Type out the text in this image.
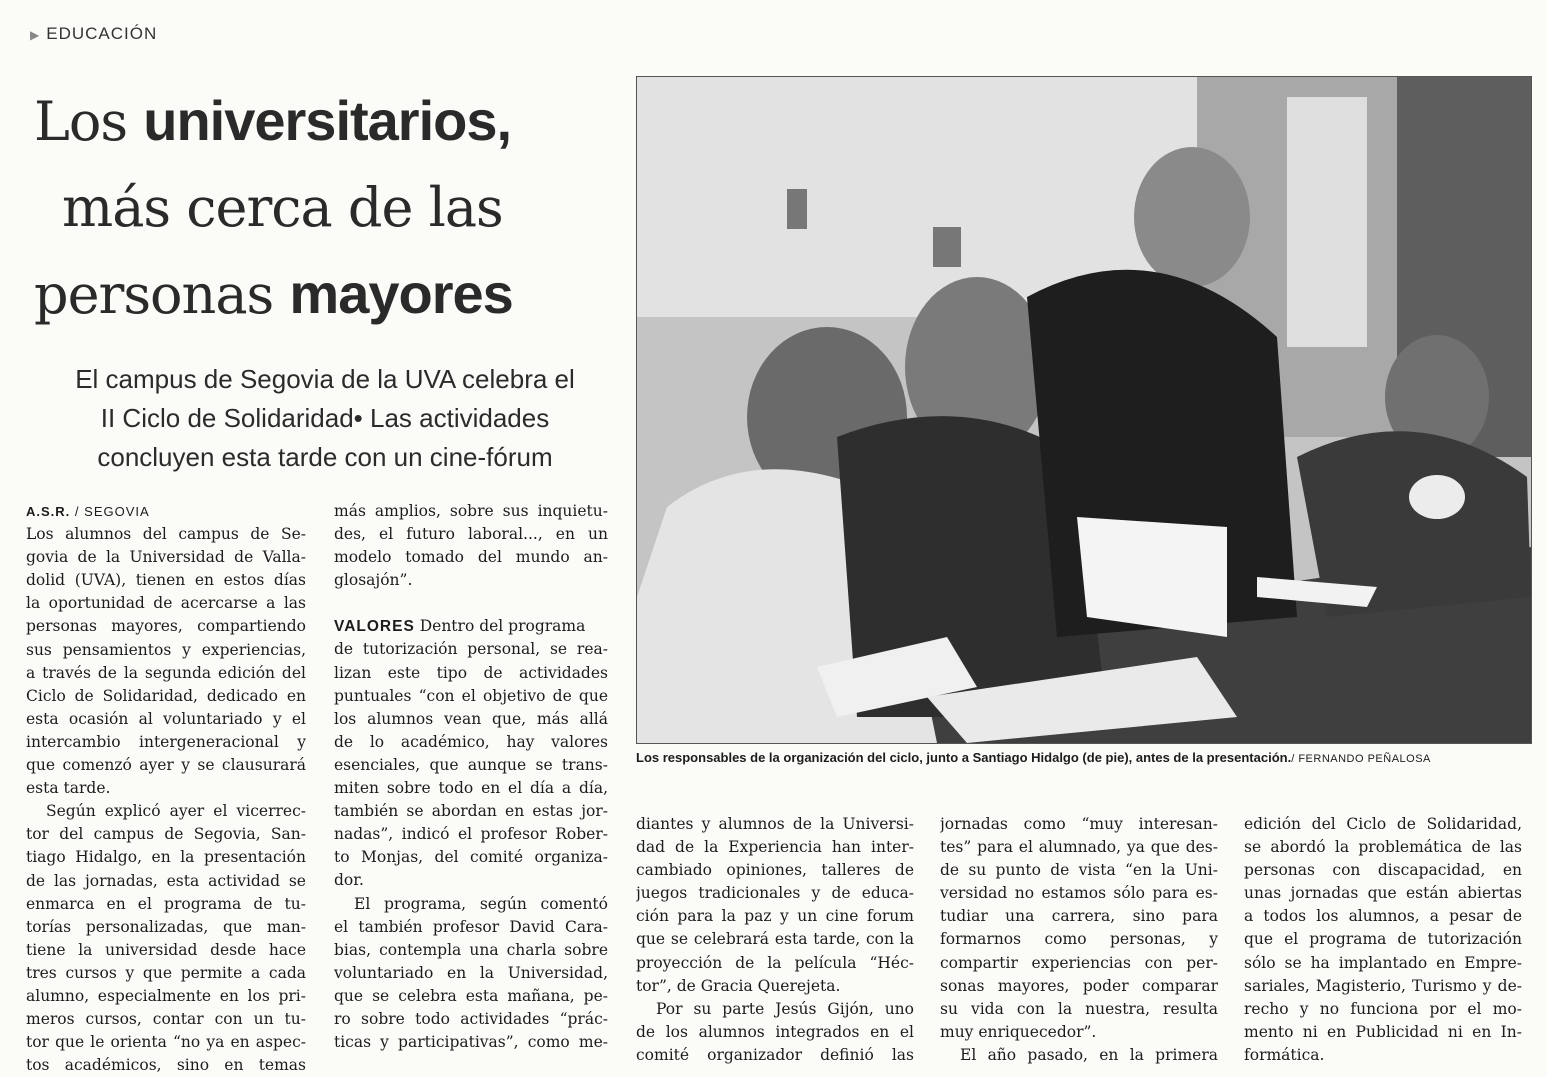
▶ EDUCACIÓN
Los universitarios,
más cerca de las
personas mayores
El campus de Segovia de la UVA celebra el
II Ciclo de Solidaridad• Las actividades
concluyen esta tarde con un cine-fórum
A.S.R. / SEGOVIA
Los alumnos del campus de Se-
govia de la Universidad de Valla-
dolid (UVA), tienen en estos días
la oportunidad de acercarse a las
personas mayores, compartiendo
sus pensamientos y experiencias,
a través de la segunda edición del
Ciclo de Solidaridad, dedicado en
esta ocasión al voluntariado y el
intercambio intergeneracional y
que comenzó ayer y se clausurará
esta tarde.
Según explicó ayer el vicerrec-
tor del campus de Segovia, San-
tiago Hidalgo, en la presentación
de las jornadas, esta actividad se
enmarca en el programa de tu-
torías personalizadas, que man-
tiene la universidad desde hace
tres cursos y que permite a cada
alumno, especialmente en los pri-
meros cursos, contar con un tu-
tor que le orienta “no ya en aspec-
tos académicos, sino en temas
más amplios, sobre sus inquietu-
des, el futuro laboral..., en un
modelo tomado del mundo an-
glosajón”.
VALORES Dentro del programa
de tutorización personal, se rea-
lizan este tipo de actividades
puntuales “con el objetivo de que
los alumnos vean que, más allá
de lo académico, hay valores
esenciales, que aunque se trans-
miten sobre todo en el día a día,
también se abordan en estas jor-
nadas”, indicó el profesor Rober-
to Monjas, del comité organiza-
dor.
El programa, según comentó
el también profesor David Cara-
bias, contempla una charla sobre
voluntariado en la Universidad,
que se celebra esta mañana, pe-
ro sobre todo actividades “prác-
ticas y participativas”, como me-
Los responsables de la organización del ciclo, junto a Santiago Hidalgo (de pie), antes de la presentación./ FERNANDO PEÑALOSA
diantes y alumnos de la Universi-
dad de la Experiencia han inter-
cambiado opiniones, talleres de
juegos tradicionales y de educa-
ción para la paz y un cine forum
que se celebrará esta tarde, con la
proyección de la película “Héc-
tor”, de Gracia Querejeta.
Por su parte Jesús Gijón, uno
de los alumnos integrados en el
comité organizador definió las
jornadas como “muy interesan-
tes” para el alumnado, ya que des-
de su punto de vista “en la Uni-
versidad no estamos sólo para es-
tudiar una carrera, sino para
formarnos como personas, y
compartir experiencias con per-
sonas mayores, poder comparar
su vida con la nuestra, resulta
muy enriquecedor”.
El año pasado, en la primera
edición del Ciclo de Solidaridad,
se abordó la problemática de las
personas con discapacidad, en
unas jornadas que están abiertas
a todos los alumnos, a pesar de
que el programa de tutorización
sólo se ha implantado en Empre-
sariales, Magisterio, Turismo y de-
recho y no funciona por el mo-
mento ni en Publicidad ni en In-
formática.
